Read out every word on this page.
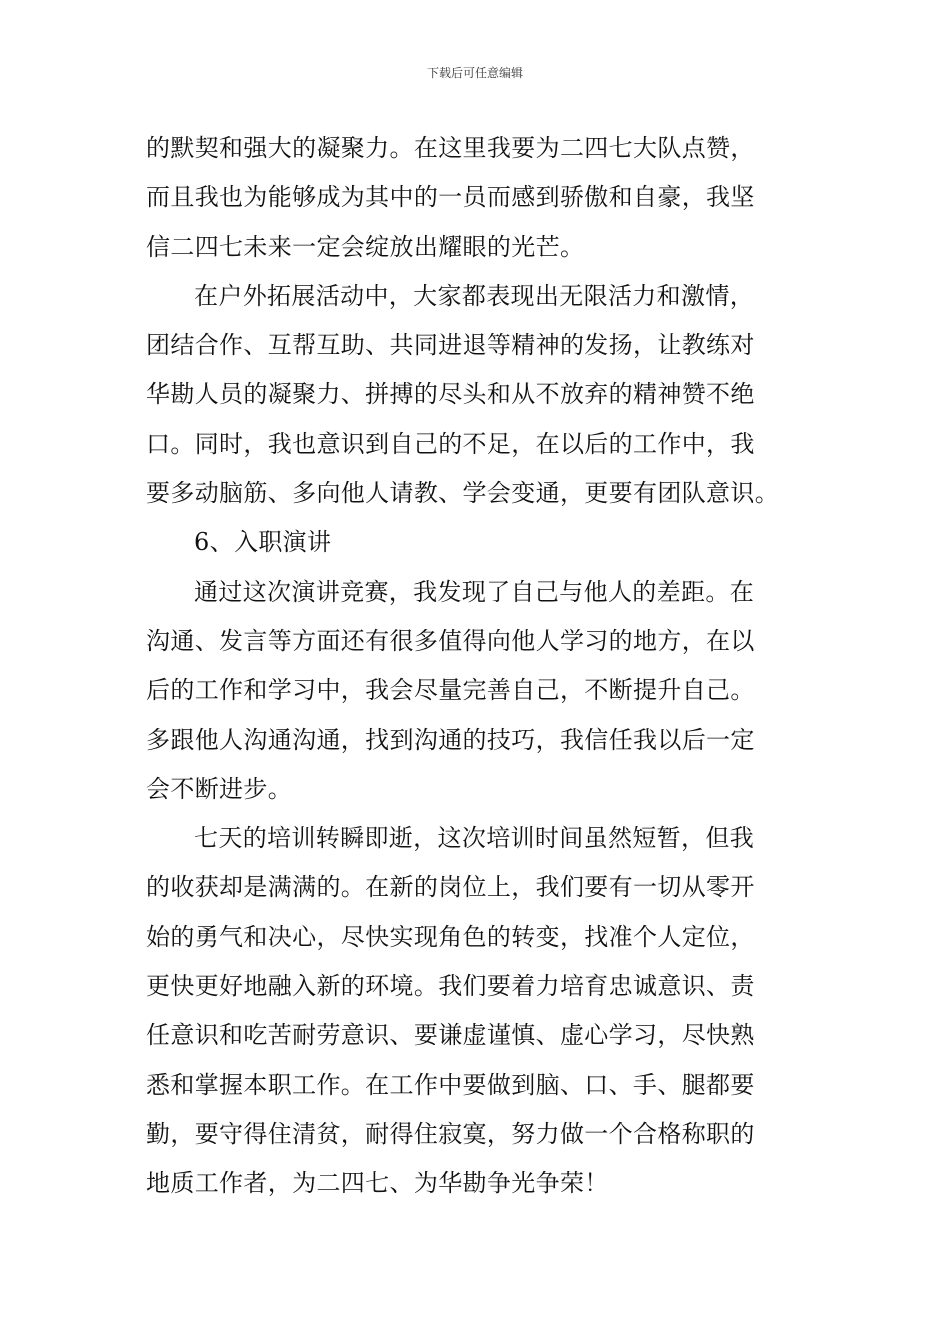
下载后可任意编辑
的默契和强大的凝聚力。在这里我要为二四七大队点赞，
而且我也为能够成为其中的一员而感到骄傲和自豪，我坚
信二四七未来一定会绽放出耀眼的光芒。
在户外拓展活动中，大家都表现出无限活力和激情，
团结合作、互帮互助、共同进退等精神的发扬，让教练对
华勘人员的凝聚力、拼搏的尽头和从不放弃的精神赞不绝
口。同时，我也意识到自己的不足，在以后的工作中，我
要多动脑筋、多向他人请教、学会变通，更要有团队意识。
6、入职演讲
通过这次演讲竞赛，我发现了自己与他人的差距。在
沟通、发言等方面还有很多值得向他人学习的地方，在以
后的工作和学习中，我会尽量完善自己，不断提升自己。
多跟他人沟通沟通，找到沟通的技巧，我信任我以后一定
会不断进步。
七天的培训转瞬即逝，这次培训时间虽然短暂，但我
的收获却是满满的。在新的岗位上，我们要有一切从零开
始的勇气和决心，尽快实现角色的转变，找准个人定位，
更快更好地融入新的环境。我们要着力培育忠诚意识、责
任意识和吃苦耐劳意识、要谦虚谨慎、虚心学习，尽快熟
悉和掌握本职工作。在工作中要做到脑、口、手、腿都要
勤，要守得住清贫，耐得住寂寞，努力做一个合格称职的
地质工作者，为二四七、为华勘争光争荣！
